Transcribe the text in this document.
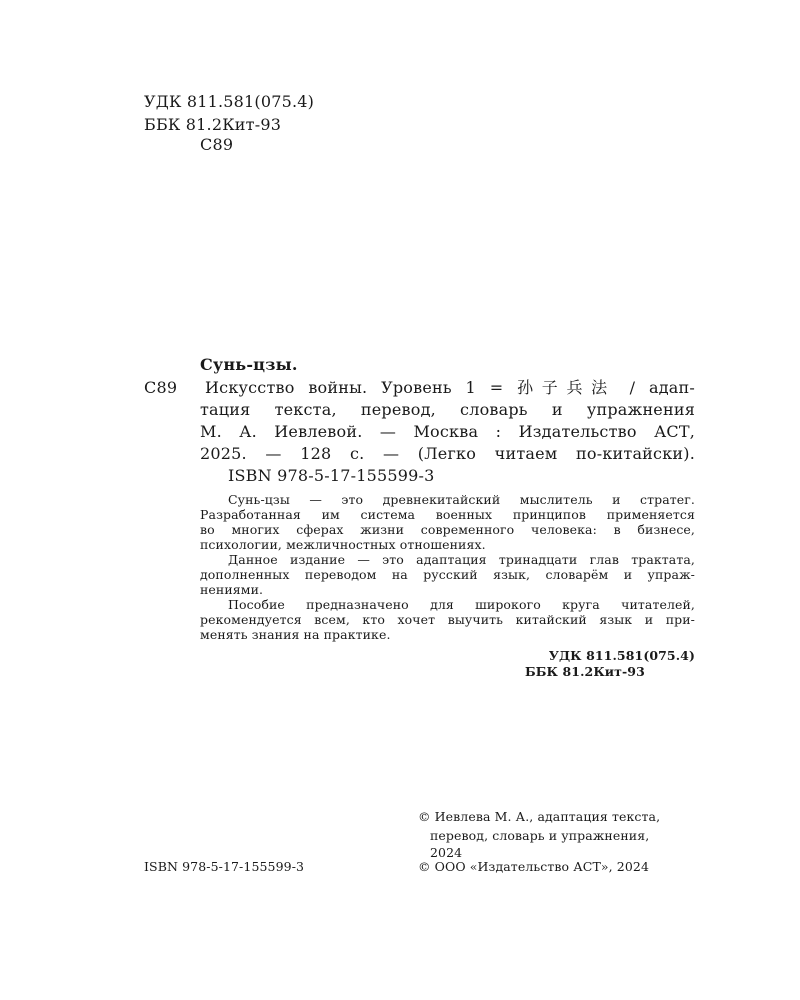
УДК 811.581(075.4)
ББК 81.2Кит-93
С89
Сунь-цзы.
С89 Искусство войны. Уровень 1 = 孙子兵法 / адап-
тация текста, перевод, словарь и упражнения
М. А. Иевлевой. — Москва : Издательство АСТ,
2025. — 128 с. — (Легко читаем по-китайски).
ISBN 978-5-17-155599-3
Сунь-цзы — это древнекитайский мыслитель и стратег.
Разработанная им система военных принципов применяется
во многих сферах жизни современного человека: в бизнесе,
психологии, межличностных отношениях.
Данное издание — это адаптация тринадцати глав трактата,
дополненных переводом на русский язык, словарём и упраж-
нениями.
Пособие предназначено для широкого круга читателей,
рекомендуется всем, кто хочет выучить китайский язык и при-
менять знания на практике.
УДК 811.581(075.4)
ББК 81.2Кит-93
© Иевлева М. А., адаптация текста,
перевод, словарь и упражнения,
2024
ISBN 978-5-17-155599-3	© ООО «Издательство АСТ», 2024
